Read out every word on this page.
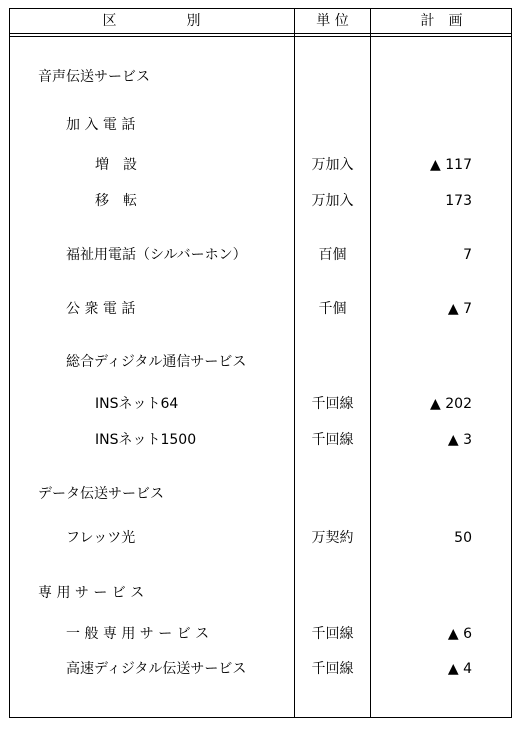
区　　　　　別	単 位	計　画
音声伝送サービス
加 入 電 話
増　設	万加入	▲ 117
移　転	万加入	173
福祉用電話（シルバーホン）	百個	7
公 衆 電 話	千個	▲ 7
総合ディジタル通信サービス
INSネット64	千回線	▲ 202
INSネット1500	千回線	▲ 3
データ伝送サービス
フレッツ光	万契約	50
専 用 サ ー ビ ス
一 般 専 用 サ ー ビ ス	千回線	▲ 6
高速ディジタル伝送サービス	千回線	▲ 4
